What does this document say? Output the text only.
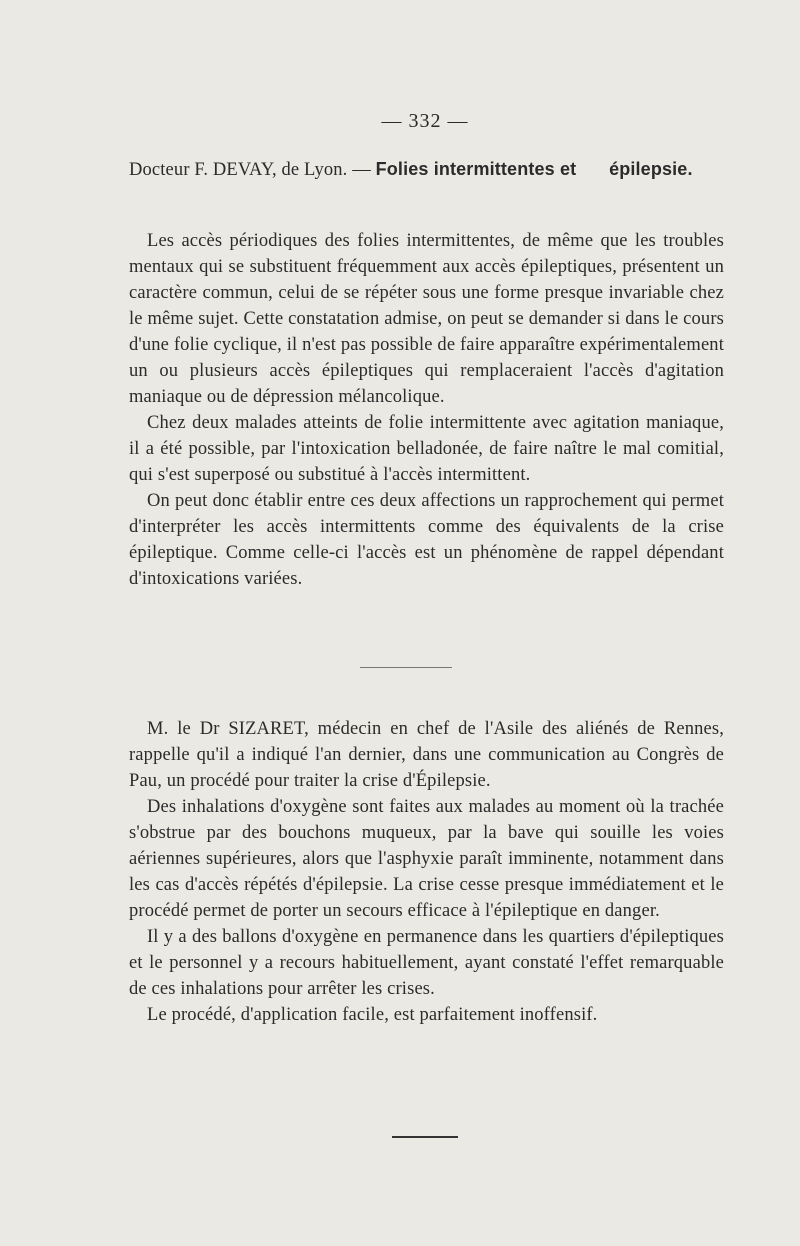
— 332 —

Docteur F. DEVAY, de Lyon. — Folies intermittentes et épilepsie.

Les accès périodiques des folies intermittentes, de même que les troubles mentaux qui se substituent fréquemment aux accès épileptiques, présentent un caractère commun, celui de se répéter sous une forme presque invariable chez le même sujet. Cette constatation admise, on peut se demander si dans le cours d'une folie cyclique, il n'est pas possible de faire apparaître expérimentalement un ou plusieurs accès épileptiques qui remplaceraient l'accès d'agitation maniaque ou de dépression mélancolique.

Chez deux malades atteints de folie intermittente avec agitation maniaque, il a été possible, par l'intoxication belladonée, de faire naître le mal comitial, qui s'est superposé ou substitué à l'accès intermittent.

On peut donc établir entre ces deux affections un rapprochement qui permet d'interpréter les accès intermittents comme des équivalents de la crise épileptique. Comme celle-ci l'accès est un phénomène de rappel dépendant d'intoxications variées.

M. le Dr SIZARET, médecin en chef de l'Asile des aliénés de Rennes, rappelle qu'il a indiqué l'an dernier, dans une communication au Congrès de Pau, un procédé pour traiter la crise d'Épilepsie.

Des inhalations d'oxygène sont faites aux malades au moment où la trachée s'obstrue par des bouchons muqueux, par la bave qui souille les voies aériennes supérieures, alors que l'asphyxie paraît imminente, notamment dans les cas d'accès répétés d'épilepsie. La crise cesse presque immédiatement et le procédé permet de porter un secours efficace à l'épileptique en danger.

Il y a des ballons d'oxygène en permanence dans les quartiers d'épileptiques et le personnel y a recours habituellement, ayant constaté l'effet remarquable de ces inhalations pour arrêter les crises.

Le procédé, d'application facile, est parfaitement inoffensif.
